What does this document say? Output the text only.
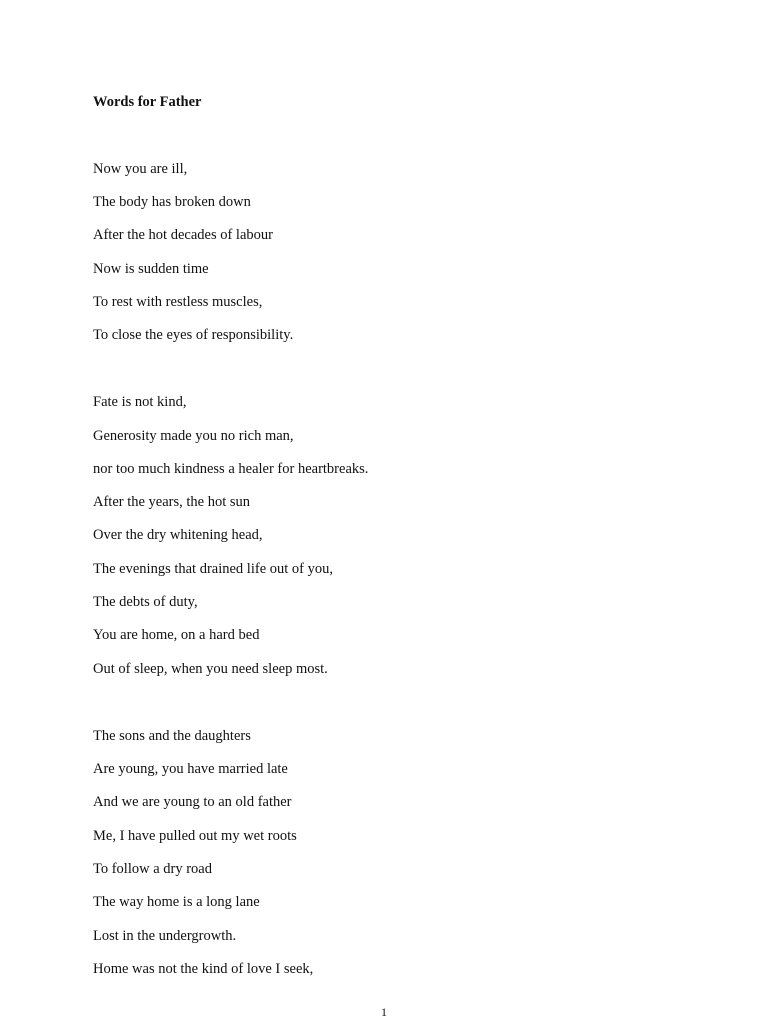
Words for Father
Now you are ill,
The body has broken down
After the hot decades of labour
Now is sudden time
To rest with restless muscles,
To close the eyes of responsibility.
Fate is not kind,
Generosity made you no rich man,
nor too much kindness a healer for heartbreaks.
After the years, the hot sun
Over the dry whitening head,
The evenings that drained life out of you,
The debts of duty,
You are home, on a hard bed
Out of sleep, when you need sleep most.
The sons and the daughters
Are young, you have married late
And we are young to an old father
Me, I have pulled out my wet roots
To follow a dry road
The way home is a long lane
Lost in the undergrowth.
Home was not the kind of love I seek,
1
